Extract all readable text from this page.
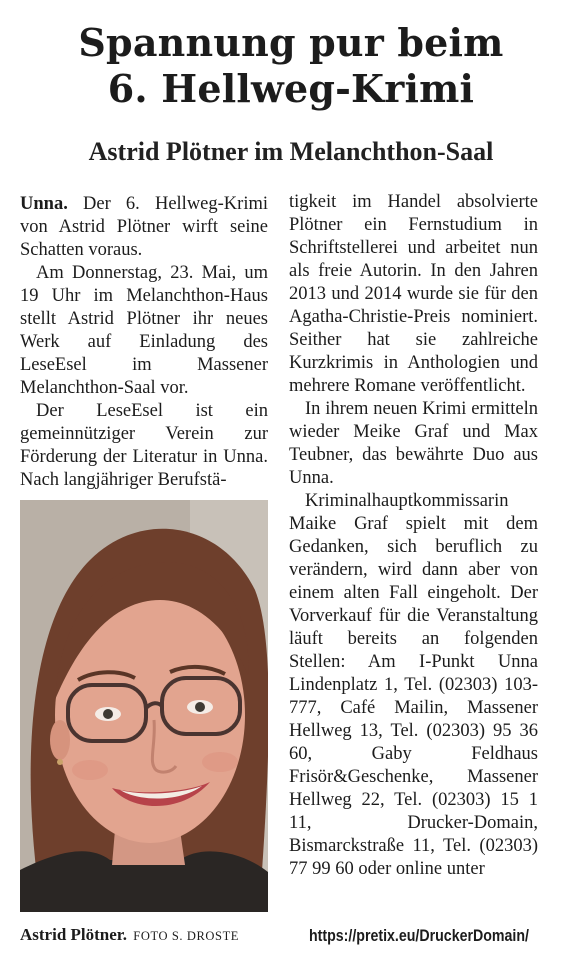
Spannung pur beim
6. Hellweg-Krimi
Astrid Plötner im Melanchthon-Saal

Unna. Der 6. Hellweg-Krimi von Astrid Plötner wirft seine Schatten voraus.

Am Donnerstag, 23. Mai, um 19 Uhr im Melanchthon-Haus stellt Astrid Plötner ihr neues Werk auf Einladung des LeseEsel im Massener Melanchthon-Saal vor.

Der LeseEsel ist ein gemeinnütziger Verein zur Förderung der Literatur in Unna. Nach langjähriger Berufstä-

Astrid Plötner. FOTO S. DROSTE

tigkeit im Handel absolvierte Plötner ein Fernstudium in Schriftstellerei und arbeitet nun als freie Autorin. In den Jahren 2013 und 2014 wurde sie für den Agatha-Christie-Preis nominiert. Seither hat sie zahlreiche Kurzkrimis in Anthologien und mehrere Romane veröffentlicht.

In ihrem neuen Krimi ermitteln wieder Meike Graf und Max Teubner, das bewährte Duo aus Unna.

Kriminalhauptkommissarin Maike Graf spielt mit dem Gedanken, sich beruflich zu verändern, wird dann aber von einem alten Fall eingeholt. Der Vorverkauf für die Veranstaltung läuft bereits an folgenden Stellen: Am I-Punkt Unna Lindenplatz 1, Tel. (02303) 103-777, Café Mailin, Massener Hellweg 13, Tel. (02303) 95 36 60, Gaby Feldhaus Frisör&Geschenke, Massener Hellweg 22, Tel. (02303) 15 1 11, Drucker-Domain, Bismarckstraße 11, Tel. (02303) 77 99 60 oder online unter

https://pretix.eu/DruckerDomain/
